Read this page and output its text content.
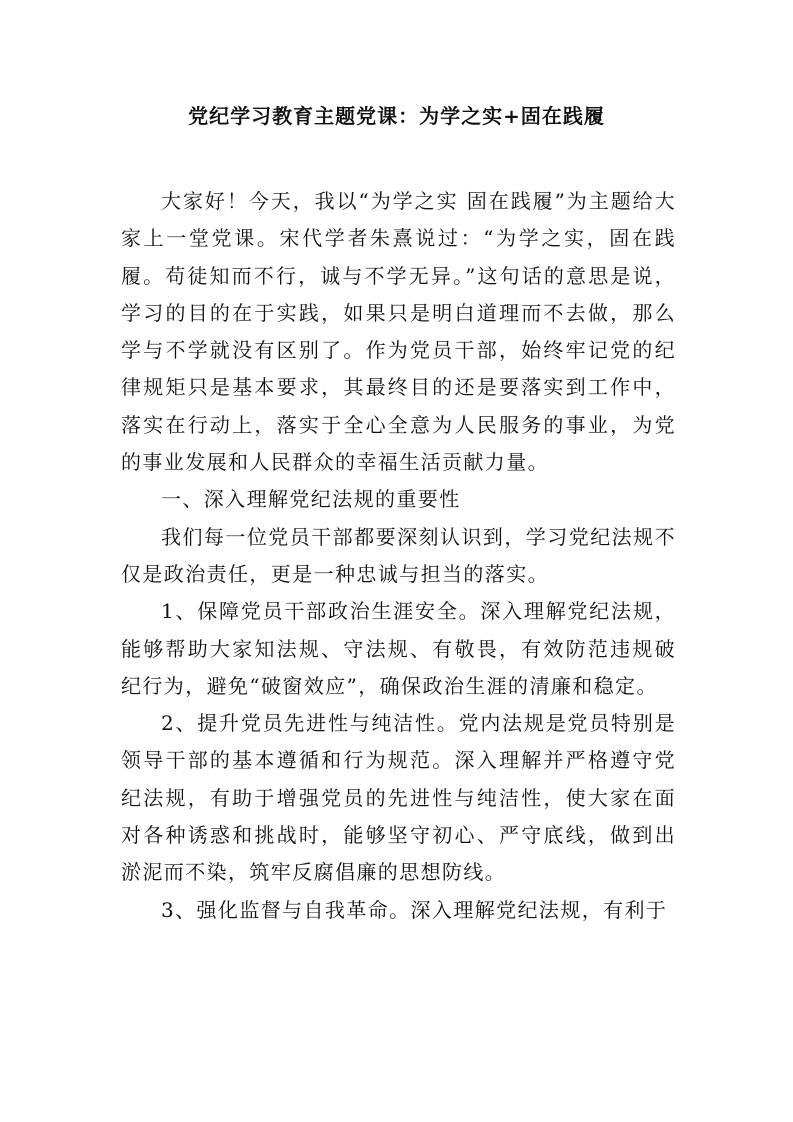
党纪学习教育主题党课：为学之实+固在践履

大家好！今天，我以“为学之实 固在践履”为主题给大家上一堂党课。宋代学者朱熹说过：“为学之实，固在践履。苟徒知而不行，诚与不学无异。”这句话的意思是说，学习的目的在于实践，如果只是明白道理而不去做，那么学与不学就没有区别了。作为党员干部，始终牢记党的纪律规矩只是基本要求，其最终目的还是要落实到工作中，落实在行动上，落实于全心全意为人民服务的事业，为党的事业发展和人民群众的幸福生活贡献力量。

一、深入理解党纪法规的重要性

我们每一位党员干部都要深刻认识到，学习党纪法规不仅是政治责任，更是一种忠诚与担当的落实。

1、保障党员干部政治生涯安全。深入理解党纪法规，能够帮助大家知法规、守法规、有敬畏，有效防范违规破纪行为，避免“破窗效应”，确保政治生涯的清廉和稳定。

2、提升党员先进性与纯洁性。党内法规是党员特别是领导干部的基本遵循和行为规范。深入理解并严格遵守党纪法规，有助于增强党员的先进性与纯洁性，使大家在面对各种诱惑和挑战时，能够坚守初心、严守底线，做到出淤泥而不染，筑牢反腐倡廉的思想防线。

3、强化监督与自我革命。深入理解党纪法规，有利于
